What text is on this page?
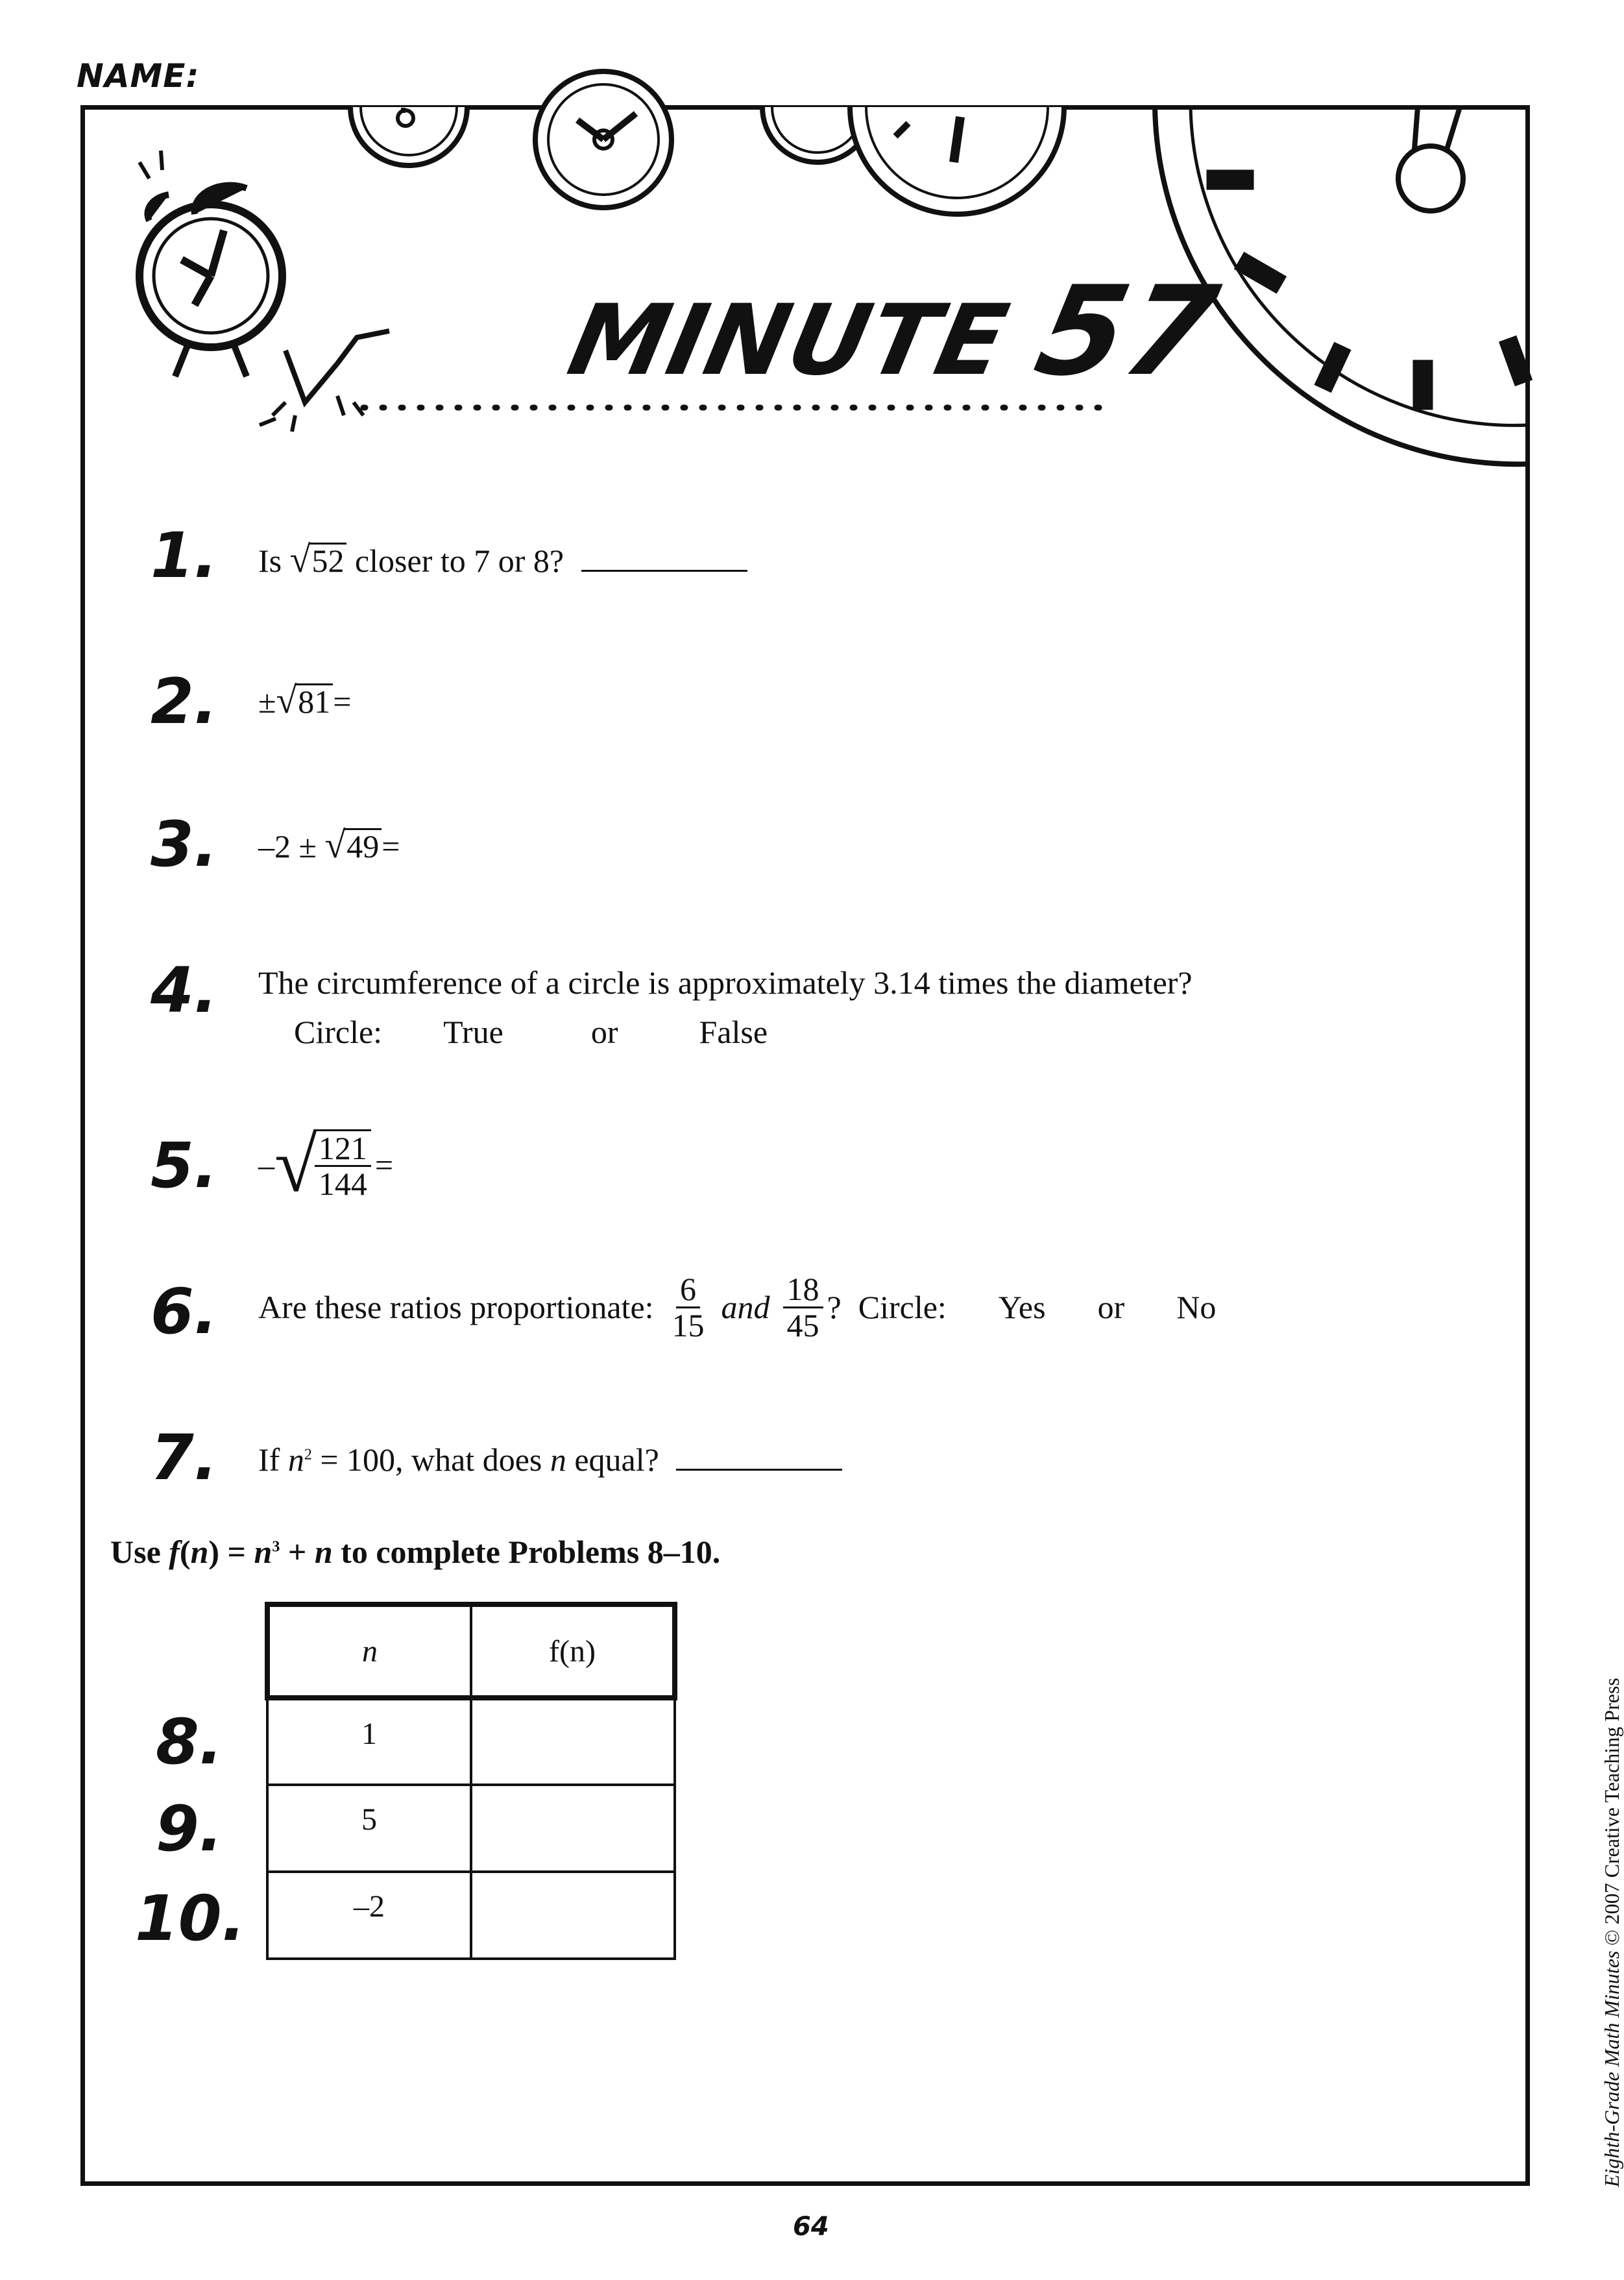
NAME:
MINUTE57
1. Is √52 closer to 7 or 8?
2. ±√81=
3. –2 ± √49=
4. The circumference of a circle is approximately 3.14 times the diameter?
Circle: True	or	False
5. – √
$\frac{121}{144}$ =
6. Are these ratios proportionate: $\frac{6}{15}$ and $\frac{18}{45}$ ? Circle: Yes or No
7. If $n^2 = 100$, what does n equal?
Use $f(n) = n^3 + n$ to complete Problems 8–10.
8.
9.
10.
n	f(n)
1	
5	
–2	
64
Eighth-Grade Math Minutes © 2007 Creative Teaching Press
